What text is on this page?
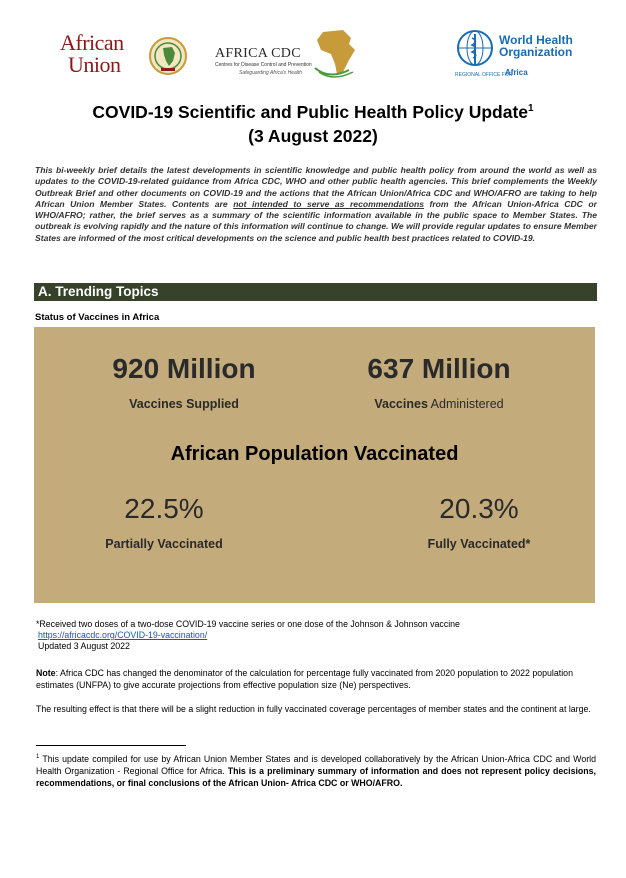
African
Union	AFRICA CDC
Centres for Disease Control and Prevention
Safeguarding Africa's Health
World Health
Organization
REGIONAL OFFICE FOR
Africa
COVID-19 Scientific and Public Health Policy Update$^1$
(3 August 2022)
This bi-weekly brief details the latest developments in scientific knowledge and public health policy from around the world as well as updates to the COVID-19-related guidance from Africa CDC, WHO and other public health agencies. This brief complements the Weekly Outbreak Brief and other documents on COVID-19 and the actions that the African Union/Africa CDC and WHO/AFRO are taking to help African Union Member States. Contents are not intended to serve as recommendations from the African Union-Africa CDC or WHO/AFRO; rather, the brief serves as a summary of the scientific information available in the public space to Member States. The outbreak is evolving rapidly and the nature of this information will continue to change. We will provide regular updates to ensure Member States are informed of the most critical developments on the science and public health best practices related to COVID-19.
A. Trending Topics
Status of Vaccines in Africa
920 Million
Vaccines Supplied
637 Million
Vaccines Administered
African Population Vaccinated
22.5%
Partially Vaccinated
20.3%
Fully Vaccinated*
*Received two doses of a two-dose COVID-19 vaccine series or one dose of the Johnson & Johnson vaccine
https://africacdc.org/COVID-19-vaccination/
Updated 3 August 2022
Note: Africa CDC has changed the denominator of the calculation for percentage fully vaccinated from 2020 population to 2022 population estimates (UNFPA) to give accurate projections from effective population size (Ne) perspectives.
The resulting effect is that there will be a slight reduction in fully vaccinated coverage percentages of member states and the continent at large.
$^1$ This update compiled for use by African Union Member States and is developed collaboratively by the African Union-Africa CDC and World Health Organization - Regional Office for Africa. This is a preliminary summary of information and does not represent policy decisions, recommendations, or final conclusions of the African Union- Africa CDC or WHO/AFRO.
